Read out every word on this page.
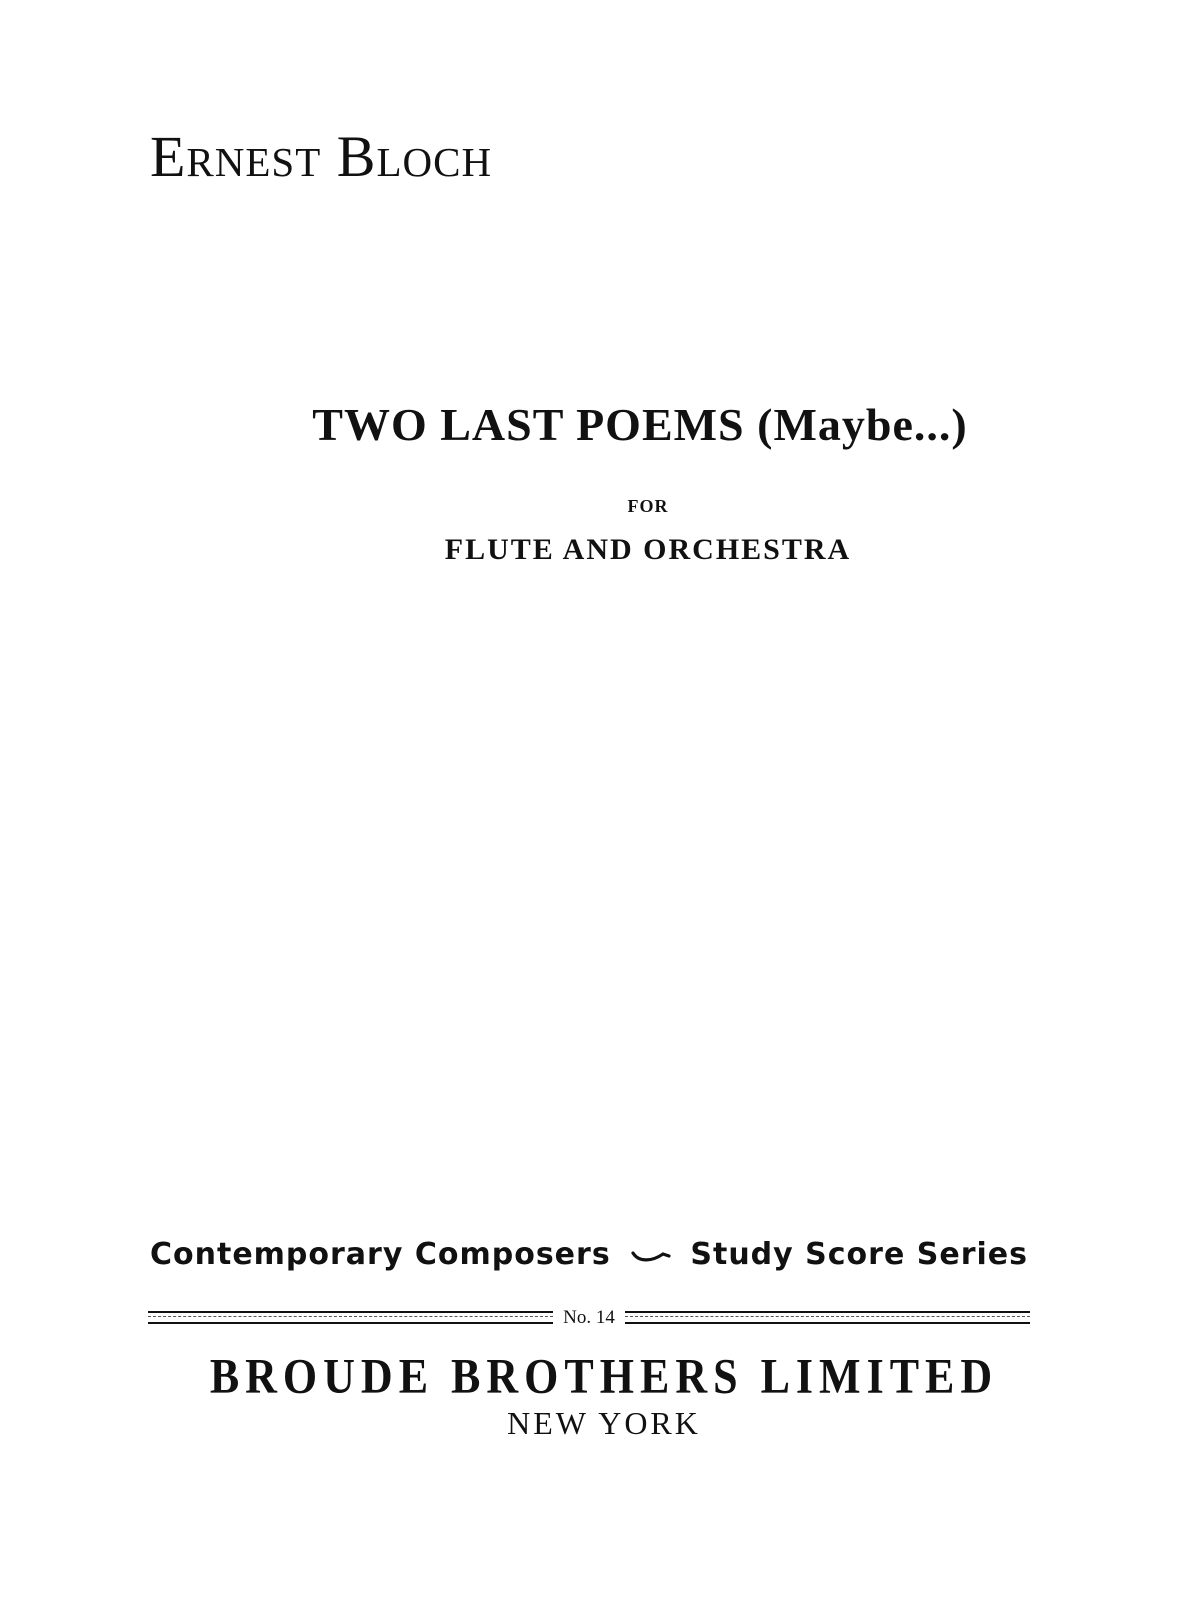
Ernest Bloch
TWO LAST POEMS (Maybe...)
FOR
FLUTE AND ORCHESTRA
Contemporary Composers	Study Score Series
No. 14
BROUDE BROTHERS LIMITED
NEW YORK
